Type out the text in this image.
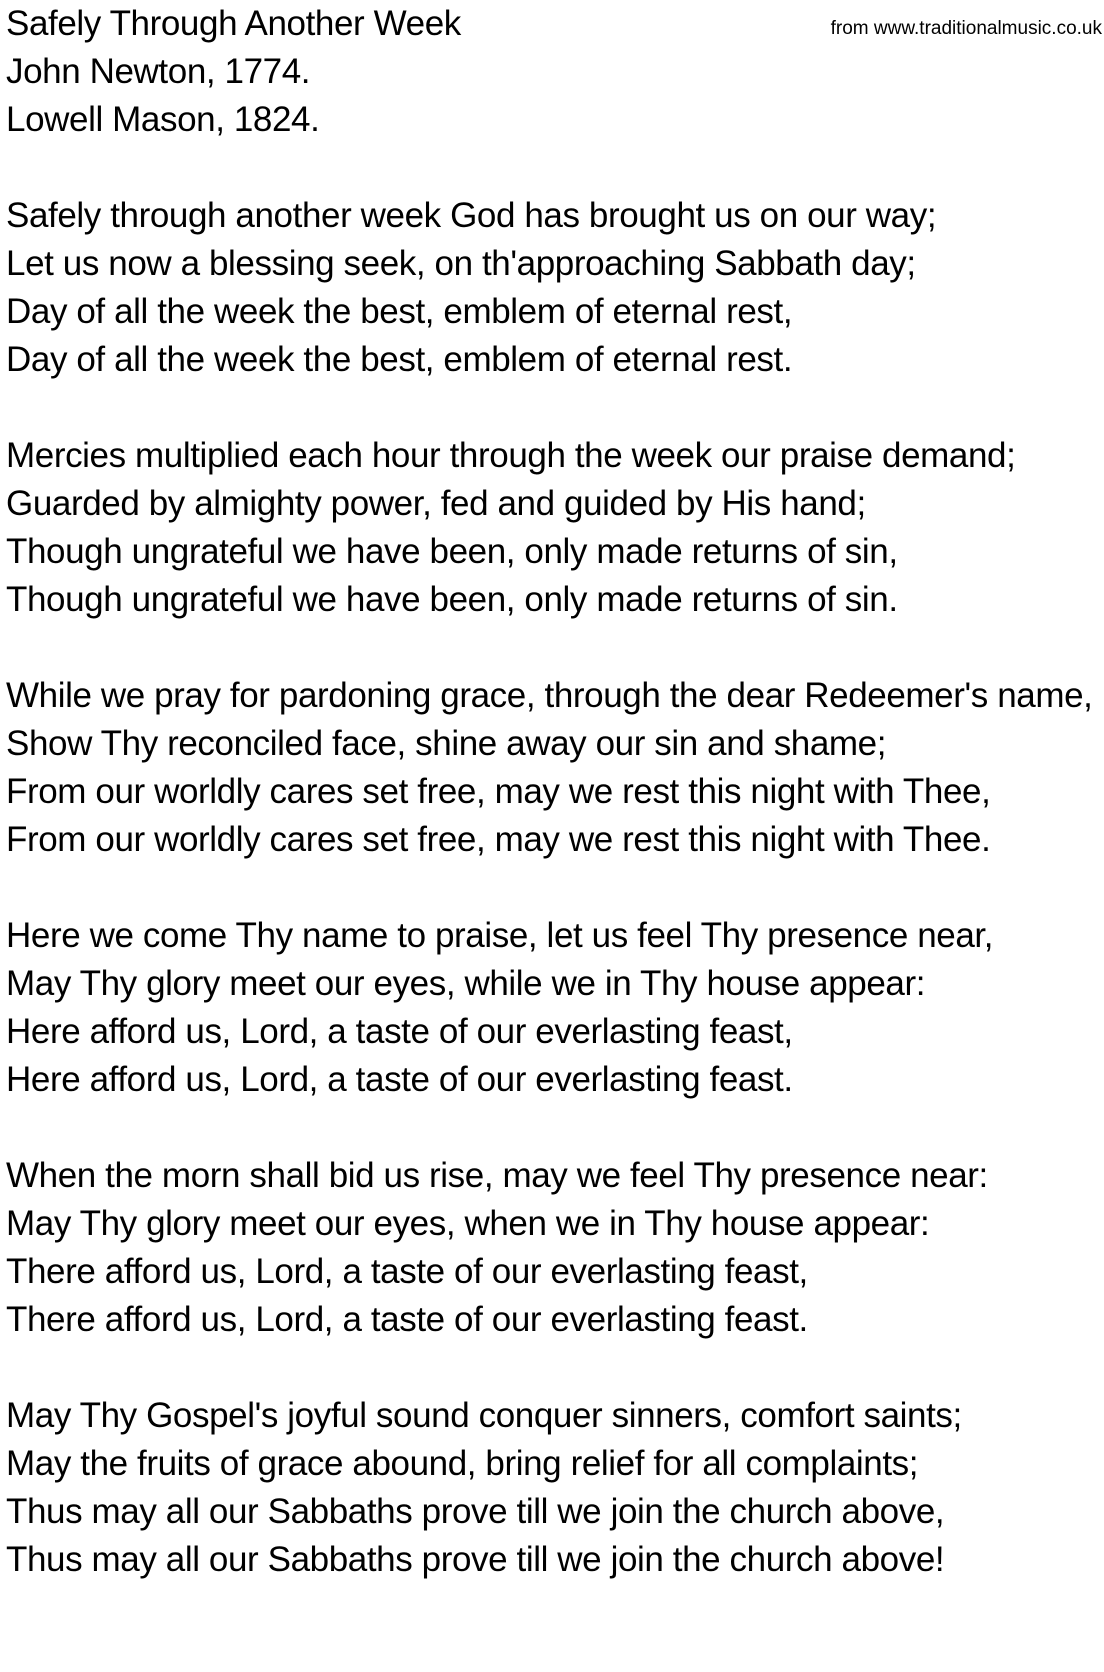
from www.traditionalmusic.co.uk
Safely Through Another Week
John Newton, 1774.
Lowell Mason, 1824.
Safely through another week God has brought us on our way;
Let us now a blessing seek, on th'approaching Sabbath day;
Day of all the week the best, emblem of eternal rest,
Day of all the week the best, emblem of eternal rest.
Mercies multiplied each hour through the week our praise demand;
Guarded by almighty power, fed and guided by His hand;
Though ungrateful we have been, only made returns of sin,
Though ungrateful we have been, only made returns of sin.
While we pray for pardoning grace, through the dear Redeemer's name,
Show Thy reconciled face, shine away our sin and shame;
From our worldly cares set free, may we rest this night with Thee,
From our worldly cares set free, may we rest this night with Thee.
Here we come Thy name to praise, let us feel Thy presence near,
May Thy glory meet our eyes, while we in Thy house appear:
Here afford us, Lord, a taste of our everlasting feast,
Here afford us, Lord, a taste of our everlasting feast.
When the morn shall bid us rise, may we feel Thy presence near:
May Thy glory meet our eyes, when we in Thy house appear:
There afford us, Lord, a taste of our everlasting feast,
There afford us, Lord, a taste of our everlasting feast.
May Thy Gospel's joyful sound conquer sinners, comfort saints;
May the fruits of grace abound, bring relief for all complaints;
Thus may all our Sabbaths prove till we join the church above,
Thus may all our Sabbaths prove till we join the church above!
